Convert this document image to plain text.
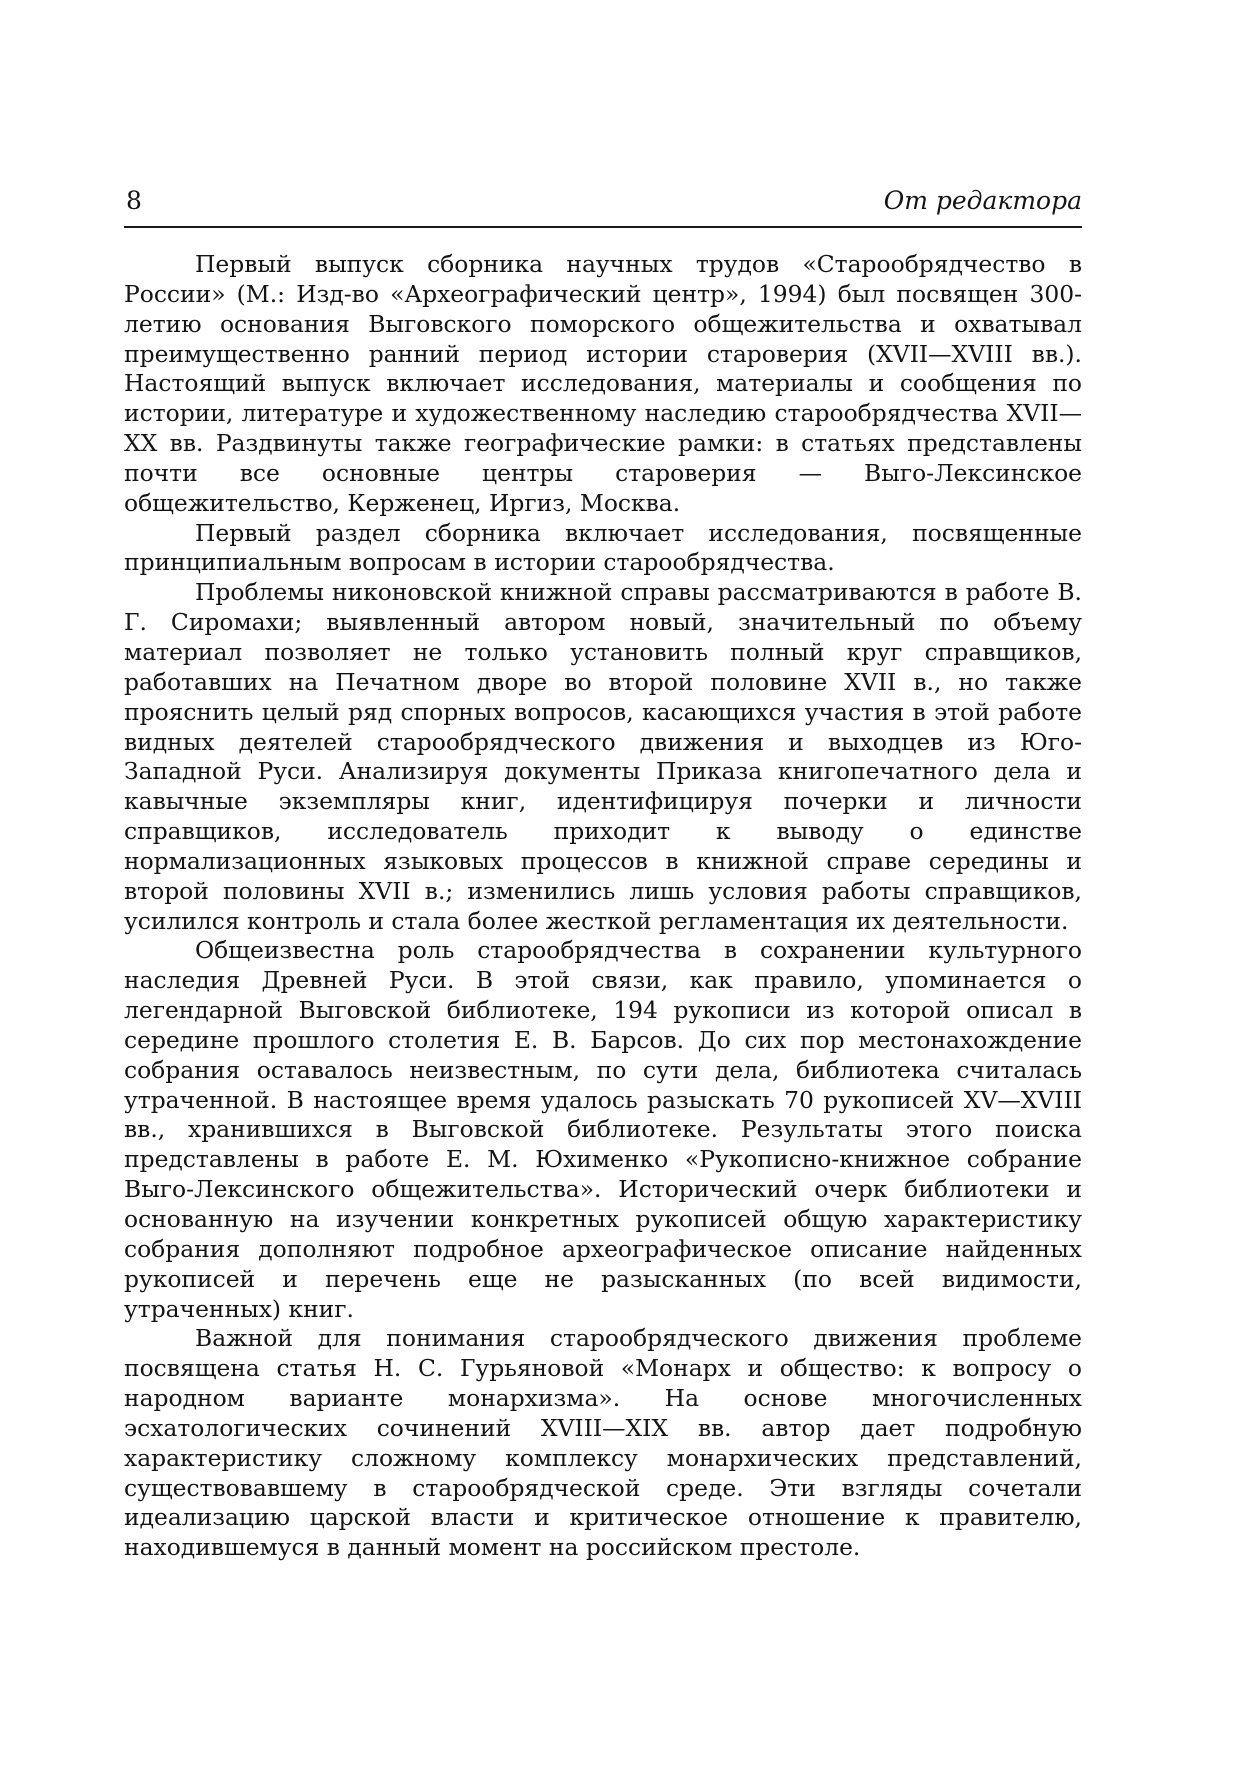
8	От редактора

Первый выпуск сборника научных трудов «Старообрядчество в России» (М.: Изд-во «Археографический центр», 1994) был посвящен 300-летию основания Выговского поморского общежительства и охватывал преимущественно ранний период истории староверия (XVII—XVIII вв.). Настоящий выпуск включает исследования, материалы и сообщения по истории, литературе и художественному наследию старообрядчества XVII—XX вв. Раздвинуты также географические рамки: в статьях представлены почти все основные центры староверия — Выго-Лексинское общежительство, Керженец, Иргиз, Москва.

Первый раздел сборника включает исследования, посвященные принципиальным вопросам в истории старообрядчества.

Проблемы никоновской книжной справы рассматриваются в работе В. Г. Сиромахи; выявленный автором новый, значительный по объему материал позволяет не только установить полный круг справщиков, работавших на Печатном дворе во второй половине XVII в., но также прояснить целый ряд спорных вопросов, касающихся участия в этой работе видных деятелей старообрядческого движения и выходцев из Юго-Западной Руси. Анализируя документы Приказа книгопечатного дела и кавычные экземпляры книг, идентифицируя почерки и личности справщиков, исследователь приходит к выводу о единстве нормализационных языковых процессов в книжной справе середины и второй половины XVII в.; изменились лишь условия работы справщиков, усилился контроль и стала более жесткой регламентация их деятельности.

Общеизвестна роль старообрядчества в сохранении культурного наследия Древней Руси. В этой связи, как правило, упоминается о легендарной Выговской библиотеке, 194 рукописи из которой описал в середине прошлого столетия Е. В. Барсов. До сих пор местонахождение собрания оставалось неизвестным, по сути дела, библиотека считалась утраченной. В настоящее время удалось разыскать 70 рукописей XV—XVIII вв., хранившихся в Выговской библиотеке. Результаты этого поиска представлены в работе Е. М. Юхименко «Рукописно-книжное собрание Выго-Лексинского общежительства». Исторический очерк библиотеки и основанную на изучении конкретных рукописей общую характеристику собрания дополняют подробное археографическое описание найденных рукописей и перечень еще не разысканных (по всей видимости, утраченных) книг.

Важной для понимания старообрядческого движения проблеме посвящена статья Н. С. Гурьяновой «Монарх и общество: к вопросу о народном варианте монархизма». На основе многочисленных эсхатологических сочинений XVIII—XIX вв. автор дает подробную характеристику сложному комплексу монархических представлений, существовавшему в старообрядческой среде. Эти взгляды сочетали идеализацию царской власти и критическое отношение к правителю, находившемуся в данный момент на российском престоле.
